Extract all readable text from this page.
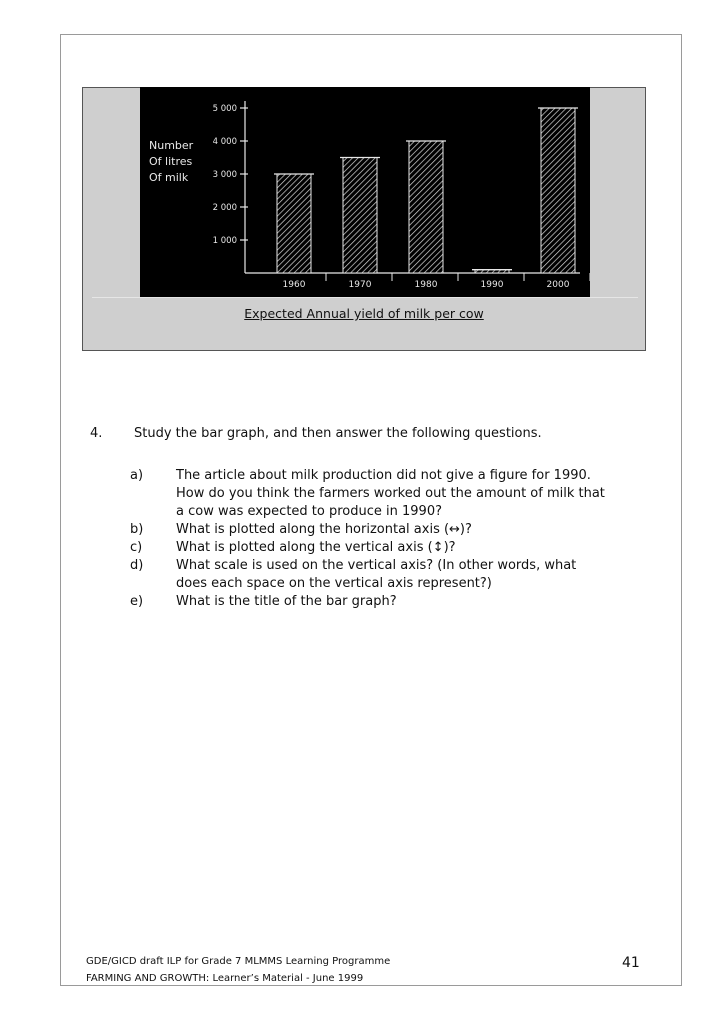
Number
Of litres
Of milk
1 000
2 000
3 000
4 000
5 000
1960	1970	1980	1990	2000
Expected Annual yield of milk per cow
4. Study the bar graph, and then answer the following questions.
a)	The article about milk production did not give a figure for 1990.
How do you think the farmers worked out the amount of milk that
a cow was expected to produce in 1990?
b)	What is plotted along the horizontal axis (↔)?
c)	What is plotted along the vertical axis (↕)?
d)	What scale is used on the vertical axis? (In other words, what
does each space on the vertical axis represent?)
e)	What is the title of the bar graph?
GDE/GICD draft ILP for Grade 7 MLMMS Learning Programme
FARMING AND GROWTH: Learner’s Material - June 1999
41
